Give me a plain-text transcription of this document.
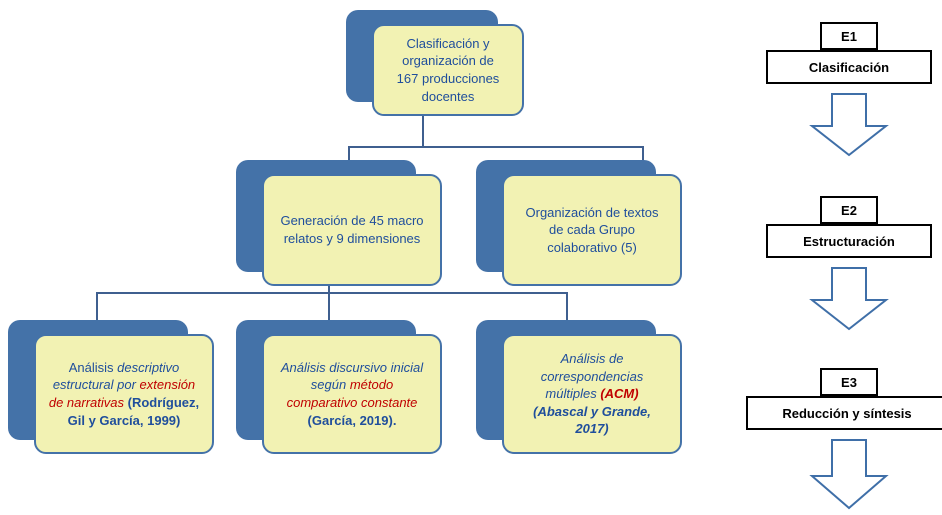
Clasificación y
organización de
167 producciones
docentes
Generación de 45 macro
relatos y 9 dimensiones
Organización de textos
de cada Grupo
colaborativo (5)
Análisis descriptivo
estructural por extensión
de narrativas (Rodríguez,
Gil y García, 1999)
Análisis discursivo inicial
según método
comparativo constante
(García, 2019).
Análisis de
correspondencias
múltiples (ACM)
(Abascal y Grande,
2017)
E1
Clasificación
E2
Estructuración
E3
Reducción y síntesis
